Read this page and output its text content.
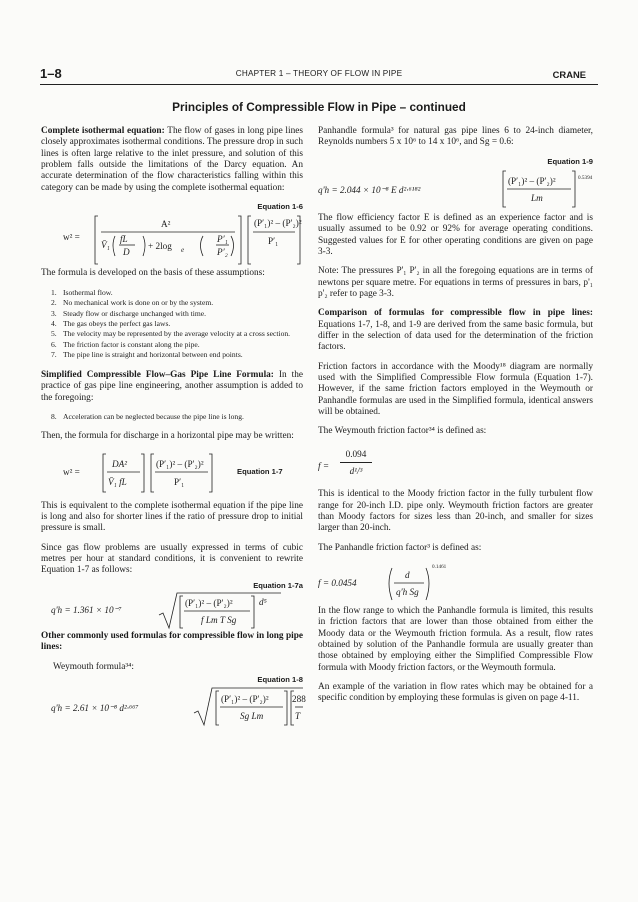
1–8	CHAPTER 1 – THEORY OF FLOW IN PIPE	CRANE
Principles of Compressible Flow in Pipe – continued

Complete isothermal equation: The flow of gases in long pipe lines closely approximates isothermal conditions. The pressure drop in such lines is often large relative to the inlet pressure, and solution of this problem falls outside the limitations of the Darcy equation. An accurate determination of the flow characteristics falling within this category can be made by using the complete isothermal equation:

Equation 1-6
w² =
A²	(P′₁)² – (P′₂)²
P′₁
V̄₁
fL
D
+ 2log e
P′₁
P′₂

The formula is developed on the basis of these assumptions:

1. Isothermal flow.
2. No mechanical work is done on or by the system.
3. Steady flow or discharge unchanged with time.
4. The gas obeys the perfect gas laws.
5. The velocity may be represented by the average velocity at a cross section.
6. The friction factor is constant along the pipe.
7. The pipe line is straight and horizontal between end points.

Simplified Compressible Flow–Gas Pipe Line Formula: In the practice of gas pipe line engineering, another assumption is added to the foregoing:

8. Acceleration can be neglected because the pipe line is long.

Then, the formula for discharge in a horizontal pipe may be written:

w² =
DA²
V̄₁ fL
(P′₁)² – (P′₂)²
P′₁
Equation 1-7

This is equivalent to the complete isothermal equation if the pipe line is long and also for shorter lines if the ratio of pressure drop to initial pressure is small.

Since gas flow problems are usually expressed in terms of cubic metres per hour at standard conditions, it is convenient to rewrite Equation 1-7 as follows:

Equation 1-7a
q'h = 1.361 × 10⁻⁷
(P′₁)² – (P′₂)²
f Lm T Sg
d⁵

Other commonly used formulas for compressible flow in long pipe lines:

Weymouth formula³⁴:

Equation 1-8
q'h = 2.61 × 10⁻⁸ d²·⁶⁶⁷
(P′₁)² – (P′₂)²
Sg Lm
288
T

Panhandle formula³ for natural gas pipe lines 6 to 24-inch diameter, Reynolds numbers 5 x 10⁶ to 14 x 10⁶, and Sg = 0.6:

Equation 1-9
q'h = 2.044 × 10⁻⁸ E d²·⁶¹⁸²
(P′₁)² – (P′₂)²
Lm
0.5394

The flow efficiency factor E is defined as an experience factor and is usually assumed to be 0.92 or 92% for average operating conditions. Suggested values for E for other operating conditions are given on page 3-3.

Note: The pressures P'₁ P'₂ in all the foregoing equations are in terms of newtons per square metre. For equations in terms of pressures in bars, p'₁ p'₂ refer to page 3-3.

Comparison of formulas for compressible flow in pipe lines: Equations 1-7, 1-8, and 1-9 are derived from the same basic formula, but differ in the selection of data used for the determination of the friction factors.

Friction factors in accordance with the Moody¹⁸ diagram are normally used with the Simplified Compressible Flow formula (Equation 1-7). However, if the same friction factors employed in the Weymouth or Panhandle formulas are used in the Simplified formula, identical answers will be obtained.

The Weymouth friction factor³⁴ is defined as:

f =
0.094
d¹/³

This is identical to the Moody friction factor in the fully turbulent flow range for 20-inch I.D. pipe only. Weymouth friction factors are greater than Moody factors for sizes less than 20-inch, and smaller for sizes larger than 20-inch.

The Panhandle friction factor³ is defined as:

f = 0.0454
d
q′h Sg
0.1461

In the flow range to which the Panhandle formula is limited, this results in friction factors that are lower than those obtained from either the Moody data or the Weymouth friction formula. As a result, flow rates obtained by solution of the Panhandle formula are usually greater than those obtained by employing either the Simplified Compressible Flow formula with Moody friction factors, or the Weymouth formula.

An example of the variation in flow rates which may be obtained for a specific condition by employing these formulas is given on page 4-11.
